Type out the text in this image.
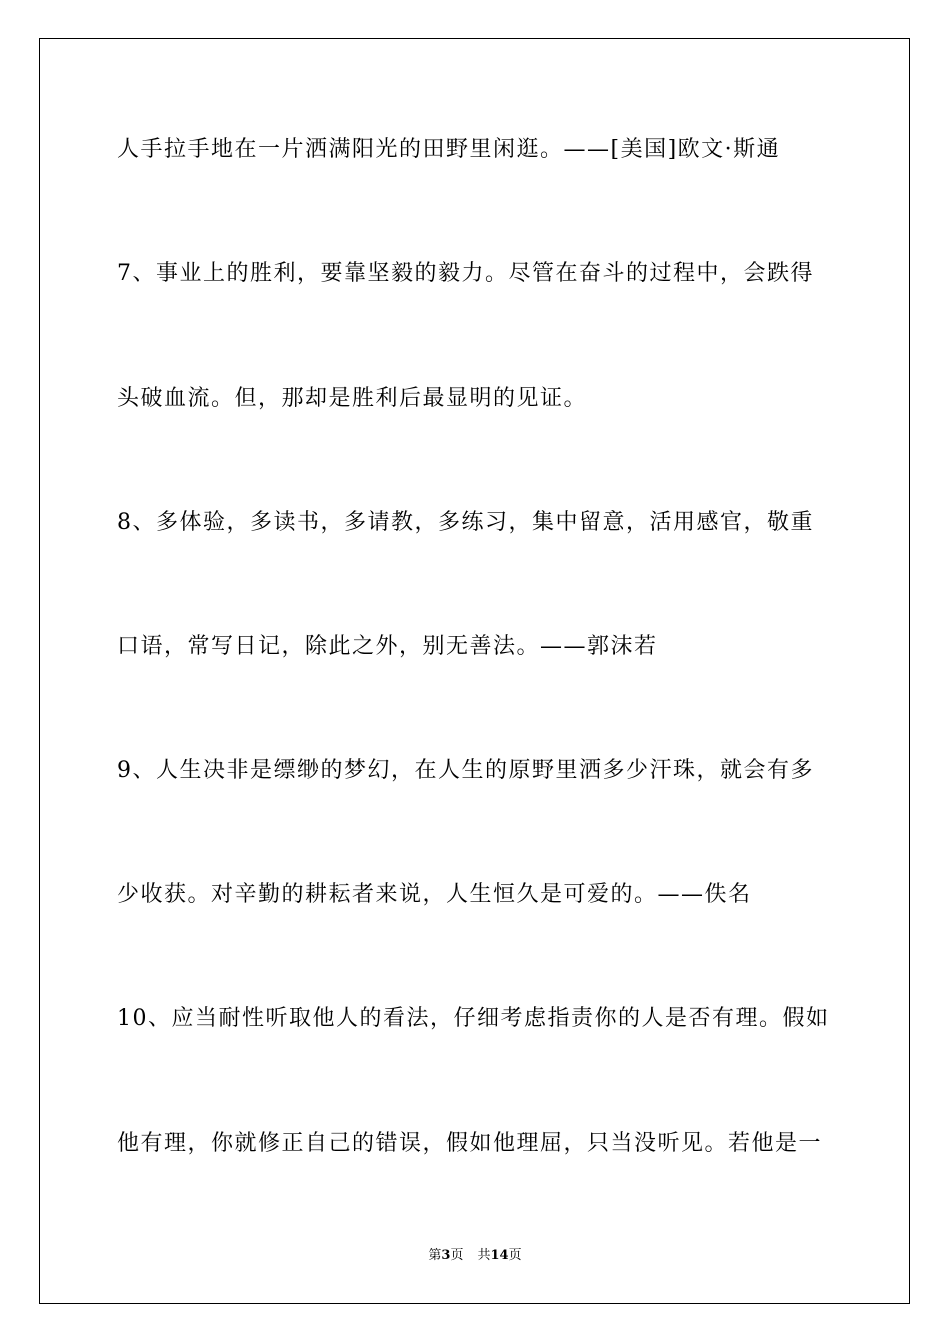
人手拉手地在一片洒满阳光的田野里闲逛。——[美国]欧文·斯通
7、事业上的胜利，要靠坚毅的毅力。尽管在奋斗的过程中，会跌得
头破血流。但，那却是胜利后最显明的见证。
8、多体验，多读书，多请教，多练习，集中留意，活用感官，敬重
口语，常写日记，除此之外，别无善法。——郭沫若
9、人生决非是缥缈的梦幻，在人生的原野里洒多少汗珠，就会有多
少收获。对辛勤的耕耘者来说，人生恒久是可爱的。——佚名
10、应当耐性听取他人的看法，仔细考虑指责你的人是否有理。假如
他有理，你就修正自己的错误，假如他理屈，只当没听见。若他是一
第3页 共14页
